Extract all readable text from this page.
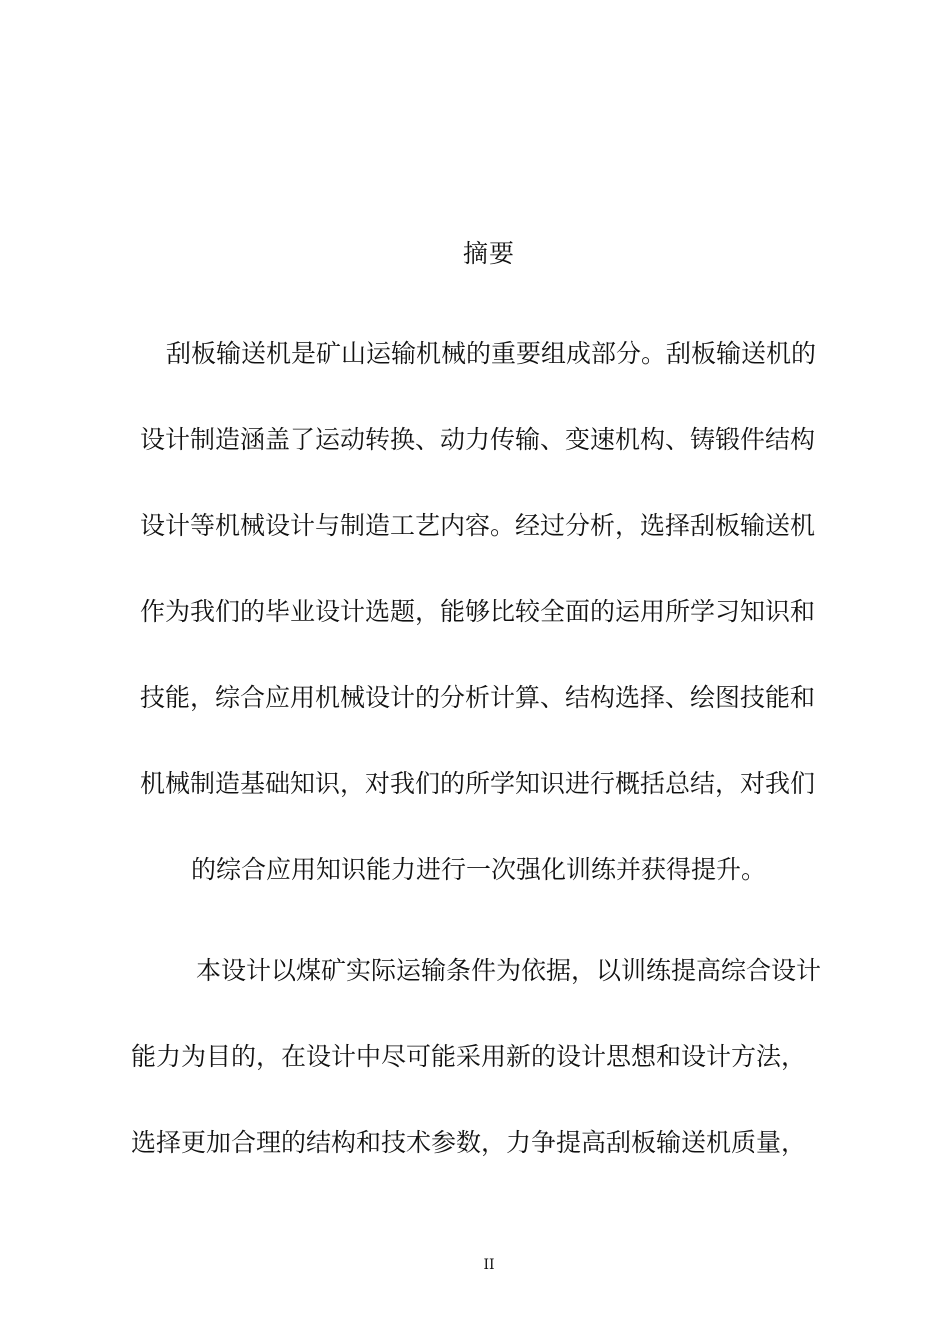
摘要
刮板输送机是矿山运输机械的重要组成部分。刮板输送机的
设计制造涵盖了运动转换、动力传输、变速机构、铸锻件结构
设计等机械设计与制造工艺内容。经过分析，选择刮板输送机
作为我们的毕业设计选题，能够比较全面的运用所学习知识和
技能，综合应用机械设计的分析计算、结构选择、绘图技能和
机械制造基础知识，对我们的所学知识进行概括总结，对我们
的综合应用知识能力进行一次强化训练并获得提升。
本设计以煤矿实际运输条件为依据，以训练提高综合设计
能力为目的，在设计中尽可能采用新的设计思想和设计方法，
选择更加合理的结构和技术参数，力争提高刮板输送机质量，
II
